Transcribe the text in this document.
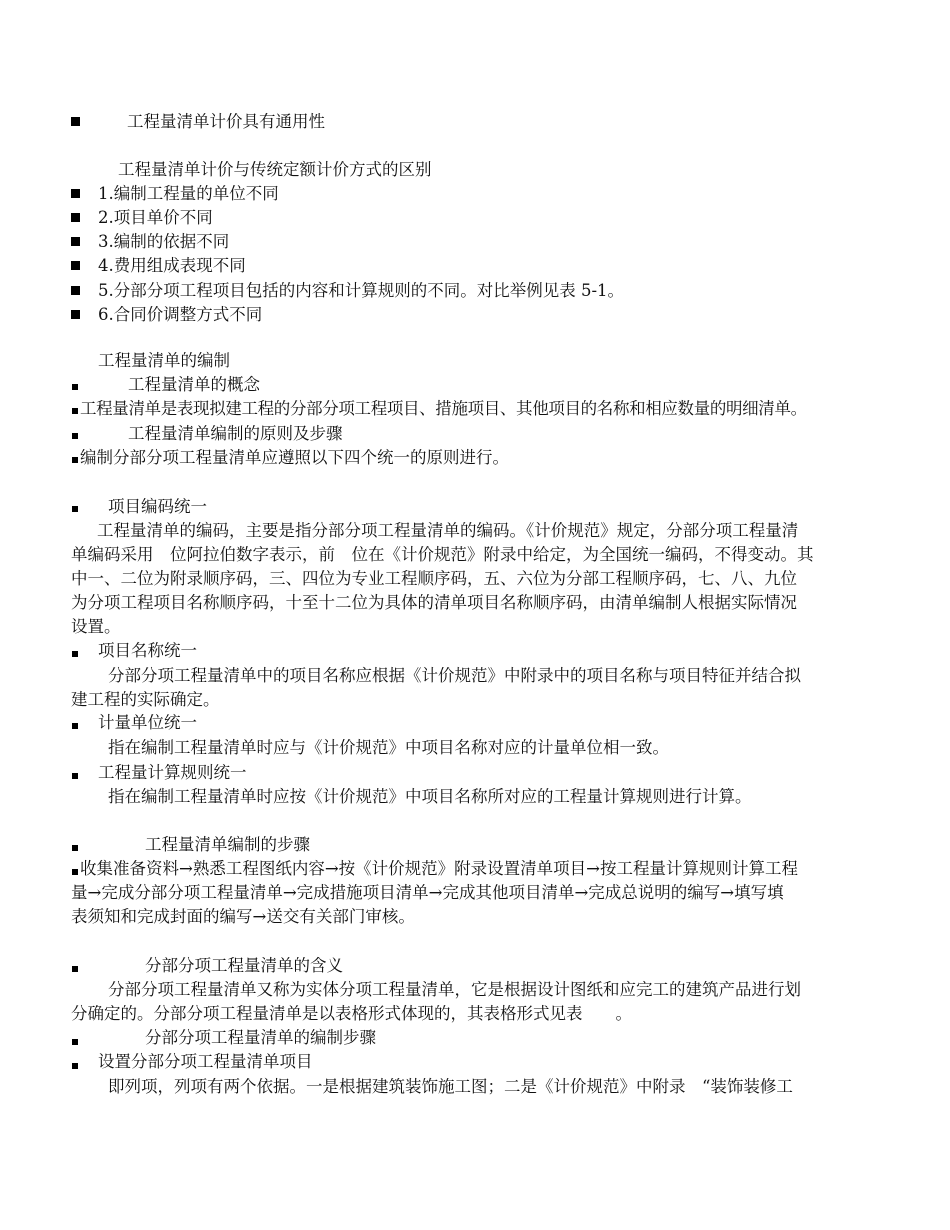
工程量清单计价具有通用性
工程量清单计价与传统定额计价方式的区别
1.编制工程量的单位不同
2.项目单价不同
3.编制的依据不同
4.费用组成表现不同
5.分部分项工程项目包括的内容和计算规则的不同。对比举例见表 5-1。
6.合同价调整方式不同
工程量清单的编制
工程量清单的概念
工程量清单是表现拟建工程的分部分项工程项目、措施项目、其他项目的名称和相应数量的明细清单。
工程量清单编制的原则及步骤
编制分部分项工程量清单应遵照以下四个统一的原则进行。
项目编码统一
工程量清单的编码，主要是指分部分项工程量清单的编码。《计价规范》规定，分部分项工程量清
单编码采用　位阿拉伯数字表示，前　位在《计价规范》附录中给定，为全国统一编码，不得变动。其
中一、二位为附录顺序码，三、四位为专业工程顺序码，五、六位为分部工程顺序码，七、八、九位
为分项工程项目名称顺序码，十至十二位为具体的清单项目名称顺序码，由清单编制人根据实际情况
设置。
项目名称统一
分部分项工程量清单中的项目名称应根据《计价规范》中附录中的项目名称与项目特征并结合拟
建工程的实际确定。
计量单位统一
指在编制工程量清单时应与《计价规范》中项目名称对应的计量单位相一致。
工程量计算规则统一
指在编制工程量清单时应按《计价规范》中项目名称所对应的工程量计算规则进行计算。
工程量清单编制的步骤
收集准备资料→熟悉工程图纸内容→按《计价规范》附录设置清单项目→按工程量计算规则计算工程
量→完成分部分项工程量清单→完成措施项目清单→完成其他项目清单→完成总说明的编写→填写填
表须知和完成封面的编写→送交有关部门审核。
分部分项工程量清单的含义
分部分项工程量清单又称为实体分项工程量清单，它是根据设计图纸和应完工的建筑产品进行划
分确定的。分部分项工程量清单是以表格形式体现的，其表格形式见表　　。
分部分项工程量清单的编制步骤
设置分部分项工程量清单项目
即列项，列项有两个依据。一是根据建筑装饰施工图；二是《计价规范》中附录　“装饰装修工
